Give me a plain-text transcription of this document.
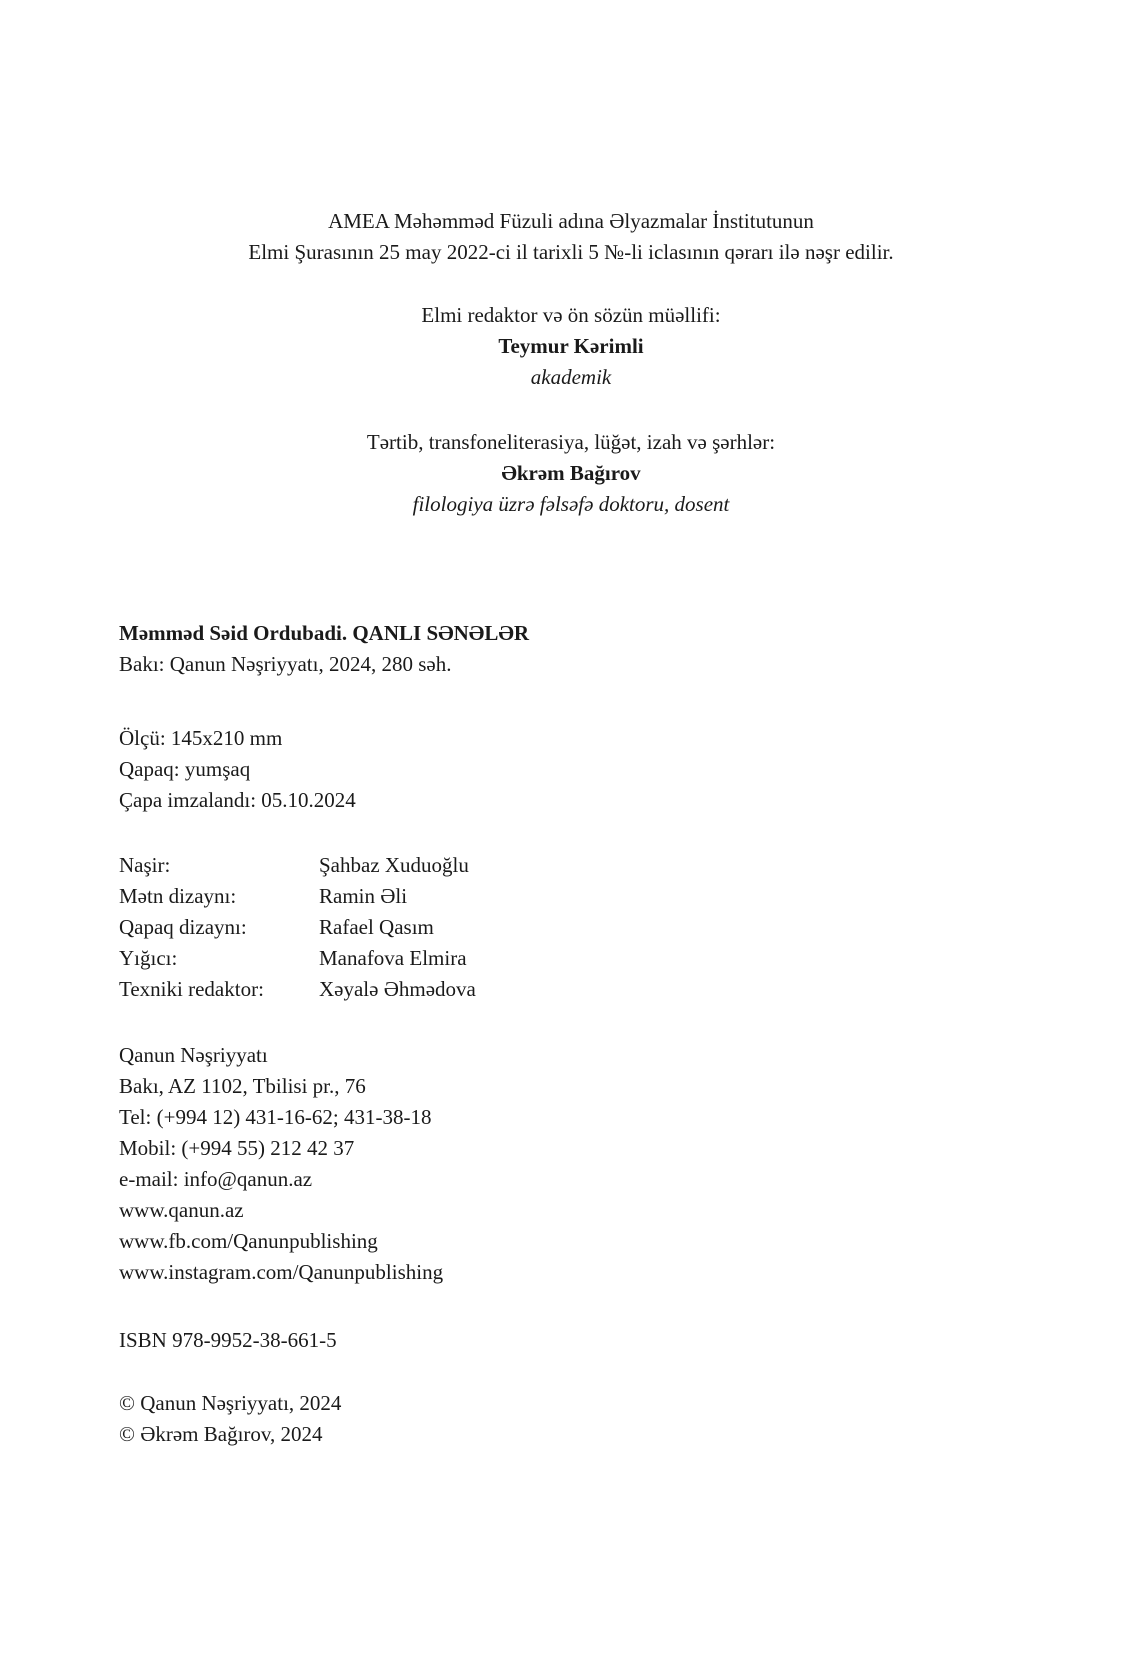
AMEA Məhəmməd Füzuli adına Əlyazmalar İnstitutunun
Elmi Şurasının 25 may 2022-ci il tarixli 5 №-li iclasının qərarı ilə nəşr edilir.
Elmi redaktor və ön sözün müəllifi:
Teymur Kərimli
akademik
Tərtib, transfoneliterasiya, lüğət, izah və şərhlər:
Əkrəm Bağırov
filologiya üzrə fəlsəfə doktoru, dosent
Məmməd Səid Ordubadi. QANLI SƏNƏLƏR
Bakı: Qanun Nəşriyyatı, 2024, 280 səh.
Ölçü: 145x210 mm
Qapaq: yumşaq
Çapa imzalandı: 05.10.2024
Naşir:	Şahbaz Xuduoğlu
Mətn dizaynı:	Ramin Əli
Qapaq dizaynı:	Rafael Qasım
Yığıcı:	Manafova Elmira
Texniki redaktor:	Xəyalə Əhmədova
Qanun Nəşriyyatı
Bakı, AZ 1102, Tbilisi pr., 76
Tel: (+994 12) 431-16-62; 431-38-18
Mobil: (+994 55) 212 42 37
e-mail: info@qanun.az
www.qanun.az
www.fb.com/Qanunpublishing
www.instagram.com/Qanunpublishing
ISBN 978-9952-38-661-5
© Qanun Nəşriyyatı, 2024
© Əkrəm Bağırov, 2024
